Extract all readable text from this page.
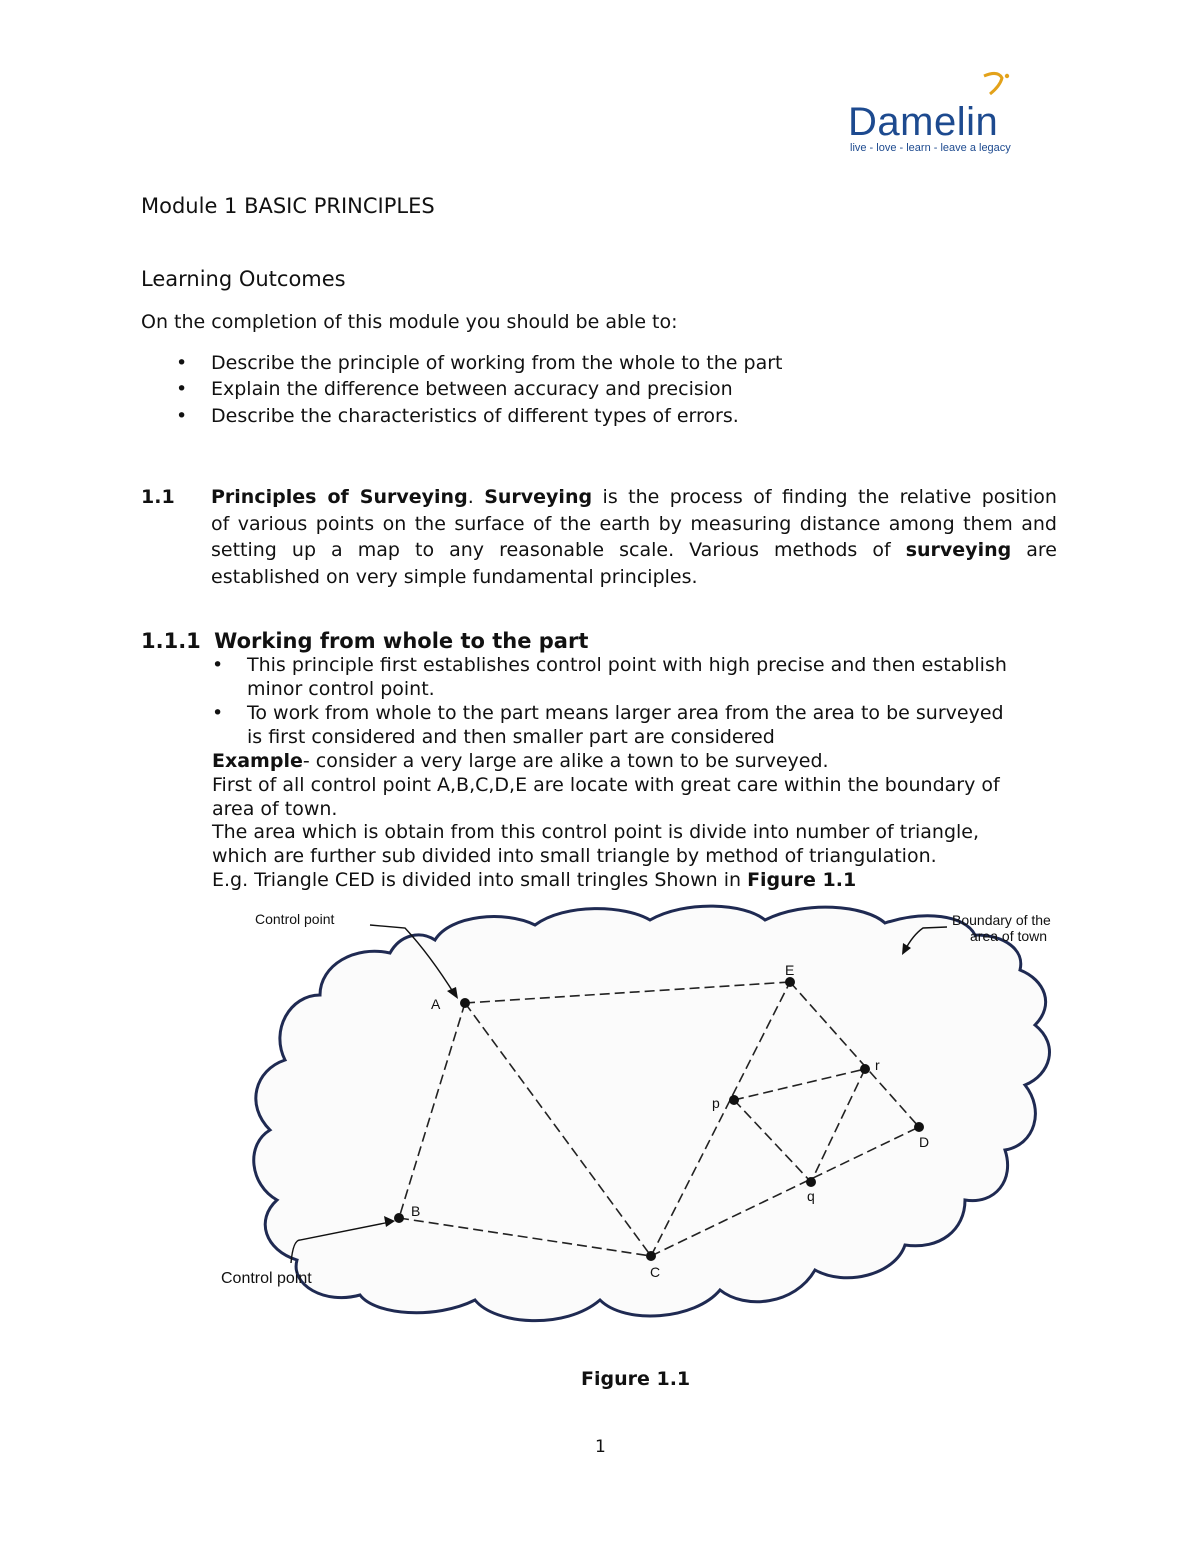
Damelin
live - love - learn - leave a legacy
Module 1 BASIC PRINCIPLES
Learning Outcomes
On the completion of this module you should be able to:
• Describe the principle of working from the whole to the part
• Explain the difference between accuracy and precision
• Describe the characteristics of different types of errors.
1.1 Principles of Surveying. Surveying is the process of finding the relative position
of various points on the surface of the earth by measuring distance among them and
setting up a map to any reasonable scale. Various methods of surveying are
established on very simple fundamental principles.
1.1.1 Working from whole to the part
• This principle first establishes control point with high precise and then establish
minor control point.
• To work from whole to the part means larger area from the area to be surveyed
is first considered and then smaller part are considered
Example- consider a very large are alike a town to be surveyed.
First of all control point A,B,C,D,E are locate with great care within the boundary of
area of town.
The area which is obtain from this control point is divide into number of triangle,
which are further sub divided into small triangle by method of triangulation.
E.g. Triangle CED is divided into small tringles Shown in Figure 1.1
A
B
C
D
E
p
q
r
Control point
Control point
Boundary of the
area of town
Figure 1.1
1
